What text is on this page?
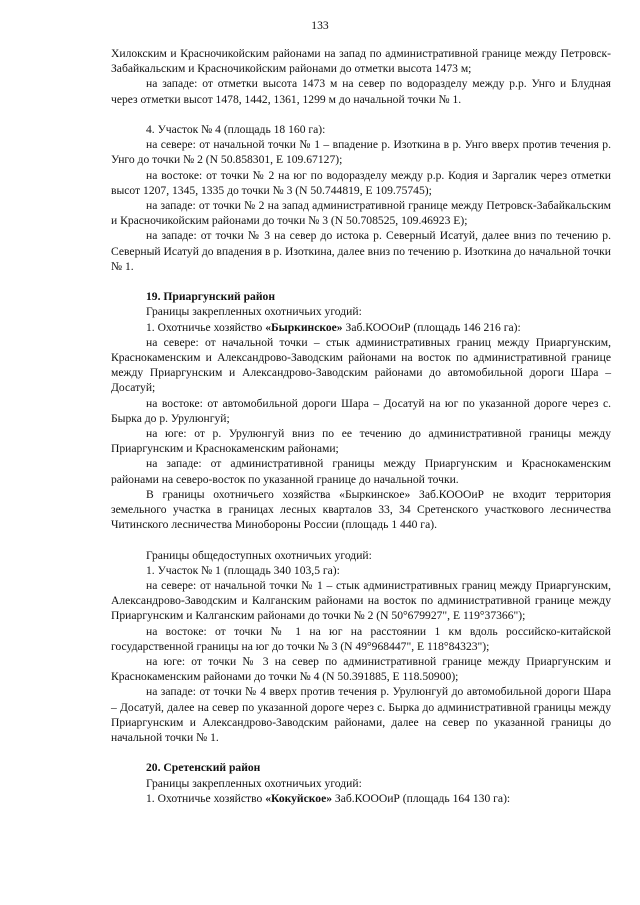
133

Хилокским и Красночикойским районами на запад по административной границе между Петровск-Забайкальским и Красночикойским районами до отметки высота 1473 м;

на западе: от отметки высота 1473 м на север по водоразделу между р.р. Унго и Блудная через отметки высот 1478, 1442, 1361, 1299 м до начальной точки № 1.

4. Участок № 4 (площадь 18 160 га):

на севере: от начальной точки № 1 – впадение р. Изоткина в р. Унго вверх против течения р. Унго до точки № 2 (N 50.858301, E 109.67127);

на востоке: от точки № 2 на юг по водоразделу между р.р. Кодия и Заргалик через отметки высот 1207, 1345, 1335 до точки № 3 (N 50.744819, E 109.75745);

на западе: от точки № 2 на запад административной границе между Петровск-Забайкальским и Красночикойским районами до точки № 3 (N 50.708525, 109.46923 E);

на западе: от точки № 3 на север до истока р. Северный Исатуй, далее вниз по течению р. Северный Исатуй до впадения в р. Изоткина, далее вниз по течению р. Изоткина до начальной точки № 1.

19. Приаргунский район

Границы закрепленных охотничьих угодий:

1. Охотничье хозяйство «Быркинское» Заб.КОООиР (площадь 146 216 га):

на севере: от начальной точки – стык административных границ между Приаргунским, Краснокаменским и Александрово-Заводским районами на восток по административной границе между Приаргунским и Александрово-Заводским районами до автомобильной дороги Шара – Досатуй;

на востоке: от автомобильной дороги Шара – Досатуй на юг по указанной дороге через с. Бырка до р. Урулюнгуй;

на юге: от р. Урулюнгуй вниз по ее течению до административной границы между Приаргунским и Краснокаменским районами;

на западе: от административной границы между Приаргунским и Краснокаменским районами на северо-восток по указанной границе до начальной точки.

В границы охотничьего хозяйства «Быркинское» Заб.КОООиР не входит территория земельного участка в границах лесных кварталов 33, 34 Сретенского участкового лесничества Читинского лесничества Минобороны России (площадь 1 440 га).

Границы общедоступных охотничьих угодий:

1. Участок № 1 (площадь 340 103,5 га):

на севере: от начальной точки № 1 – стык административных границ между Приаргунским, Александрово-Заводским и Калганским районами на восток по административной границе между Приаргунским и Калганским районами до точки № 2 (N 50°679927", E 119°37366");

на востоке: от точки № 1 на юг на расстоянии 1 км вдоль российско-китайской государственной границы на юг до точки № 3 (N 49°968447", E 118°84323");

на юге: от точки № 3 на север по административной границе между Приаргунским и Краснокаменским районами до точки № 4 (N 50.391885, E 118.50900);

на западе: от точки № 4 вверх против течения р. Урулюнгуй до автомобильной дороги Шара – Досатуй, далее на север по указанной дороге через с. Бырка до административной границы между Приаргунским и Александрово-Заводским районами, далее на север по указанной границы до начальной точки № 1.

20. Сретенский район

Границы закрепленных охотничьих угодий:

1. Охотничье хозяйство «Кокуйское» Заб.КОООиР (площадь 164 130 га):
